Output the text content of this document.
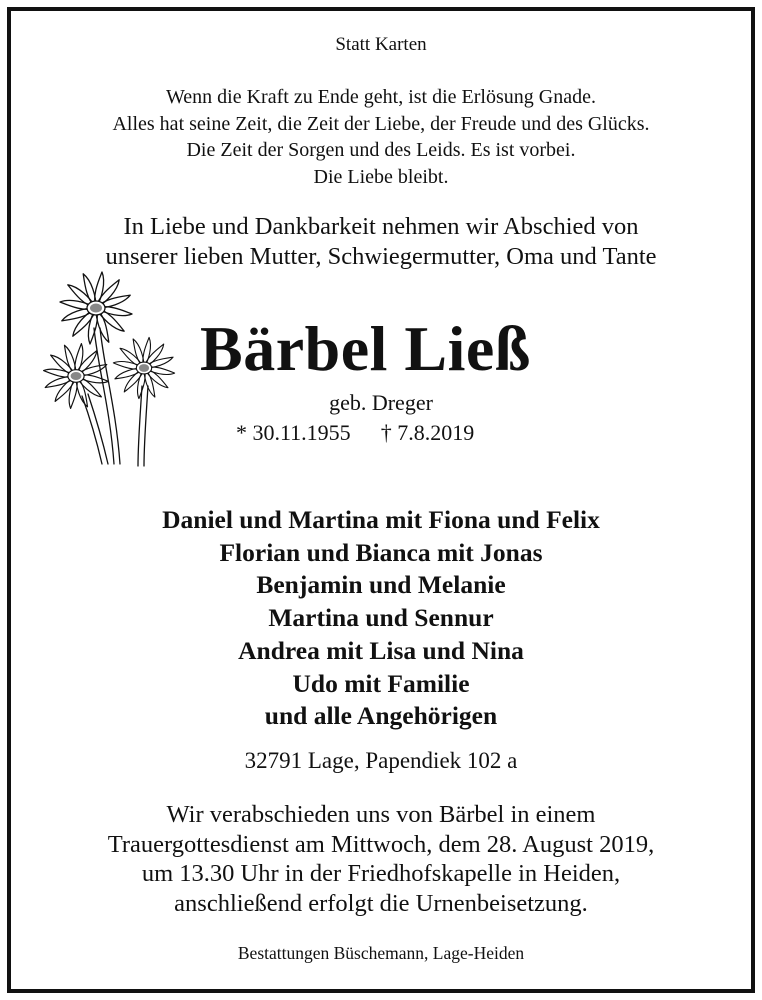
Statt Karten
Wenn die Kraft zu Ende geht, ist die Erlösung Gnade.
Alles hat seine Zeit, die Zeit der Liebe, der Freude und des Glücks.
Die Zeit der Sorgen und des Leids. Es ist vorbei.
Die Liebe bleibt.
In Liebe und Dankbarkeit nehmen wir Abschied von
unserer lieben Mutter, Schwiegermutter, Oma und Tante
Bärbel Ließ
geb. Dreger
* 30.11.1955 † 7.8.2019
Daniel und Martina mit Fiona und Felix
Florian und Bianca mit Jonas
Benjamin und Melanie
Martina und Sennur
Andrea mit Lisa und Nina
Udo mit Familie
und alle Angehörigen
32791 Lage, Papendiek 102 a
Wir verabschieden uns von Bärbel in einem
Trauergottesdienst am Mittwoch, dem 28. August 2019,
um 13.30 Uhr in der Friedhofskapelle in Heiden,
anschließend erfolgt die Urnenbeisetzung.
Bestattungen Büschemann, Lage-Heiden
